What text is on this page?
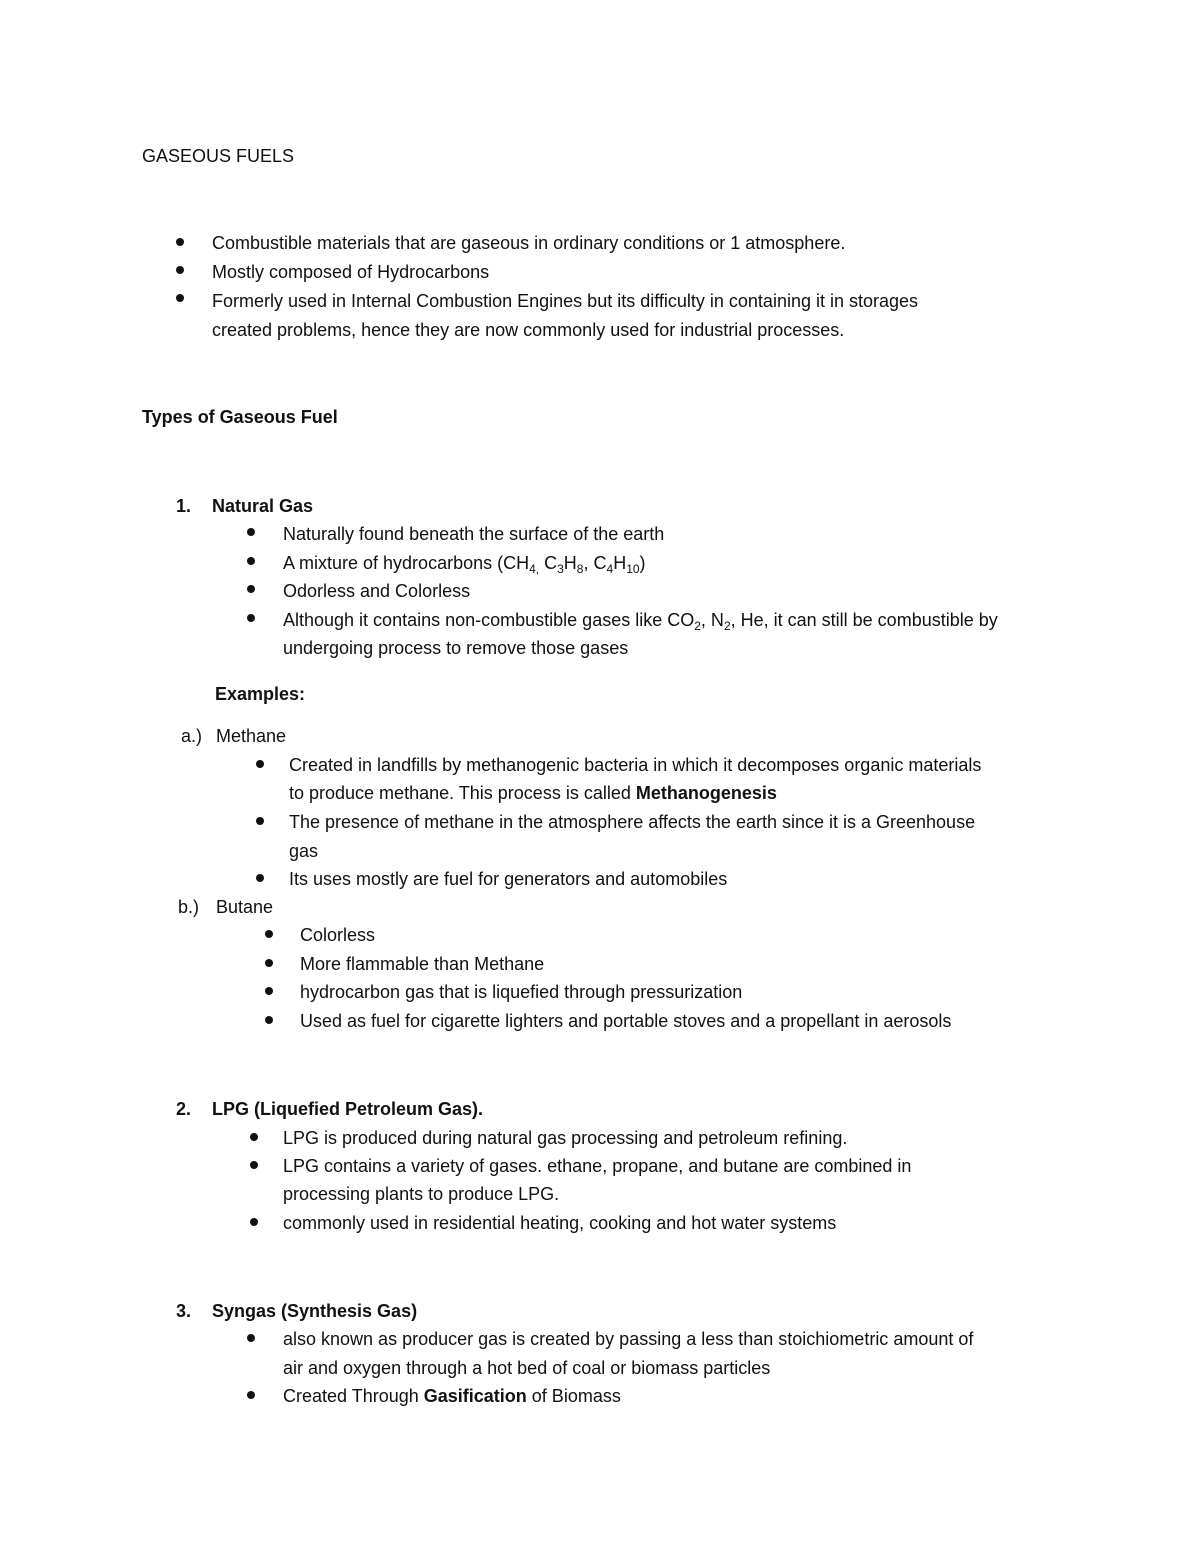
GASEOUS FUELS
Combustible materials that are gaseous in ordinary conditions or 1 atmosphere.
Mostly composed of Hydrocarbons
Formerly used in Internal Combustion Engines but its difficulty in containing it in storages
created problems, hence they are now commonly used for industrial processes.
Types of Gaseous Fuel
1. Natural Gas
Naturally found beneath the surface of the earth
A mixture of hydrocarbons ($CH_{4,}$ $C_3H_8$, $C_4H_{10}$)
Odorless and Colorless
Although it contains non-combustible gases like $CO_2$, $N_2$, He, it can still be combustible by
undergoing process to remove those gases
Examples:
a.) Methane
Created in landfills by methanogenic bacteria in which it decomposes organic materials
to produce methane. This process is called Methanogenesis
The presence of methane in the atmosphere affects the earth since it is a Greenhouse
gas
Its uses mostly are fuel for generators and automobiles
b.) Butane
Colorless
More flammable than Methane
hydrocarbon gas that is liquefied through pressurization
Used as fuel for cigarette lighters and portable stoves and a propellant in aerosols
2. LPG (Liquefied Petroleum Gas).
LPG is produced during natural gas processing and petroleum refining.
LPG contains a variety of gases. ethane, propane, and butane are combined in
processing plants to produce LPG.
commonly used in residential heating, cooking and hot water systems
3. Syngas (Synthesis Gas)
also known as producer gas is created by passing a less than stoichiometric amount of
air and oxygen through a hot bed of coal or biomass particles
Created Through Gasification of Biomass
